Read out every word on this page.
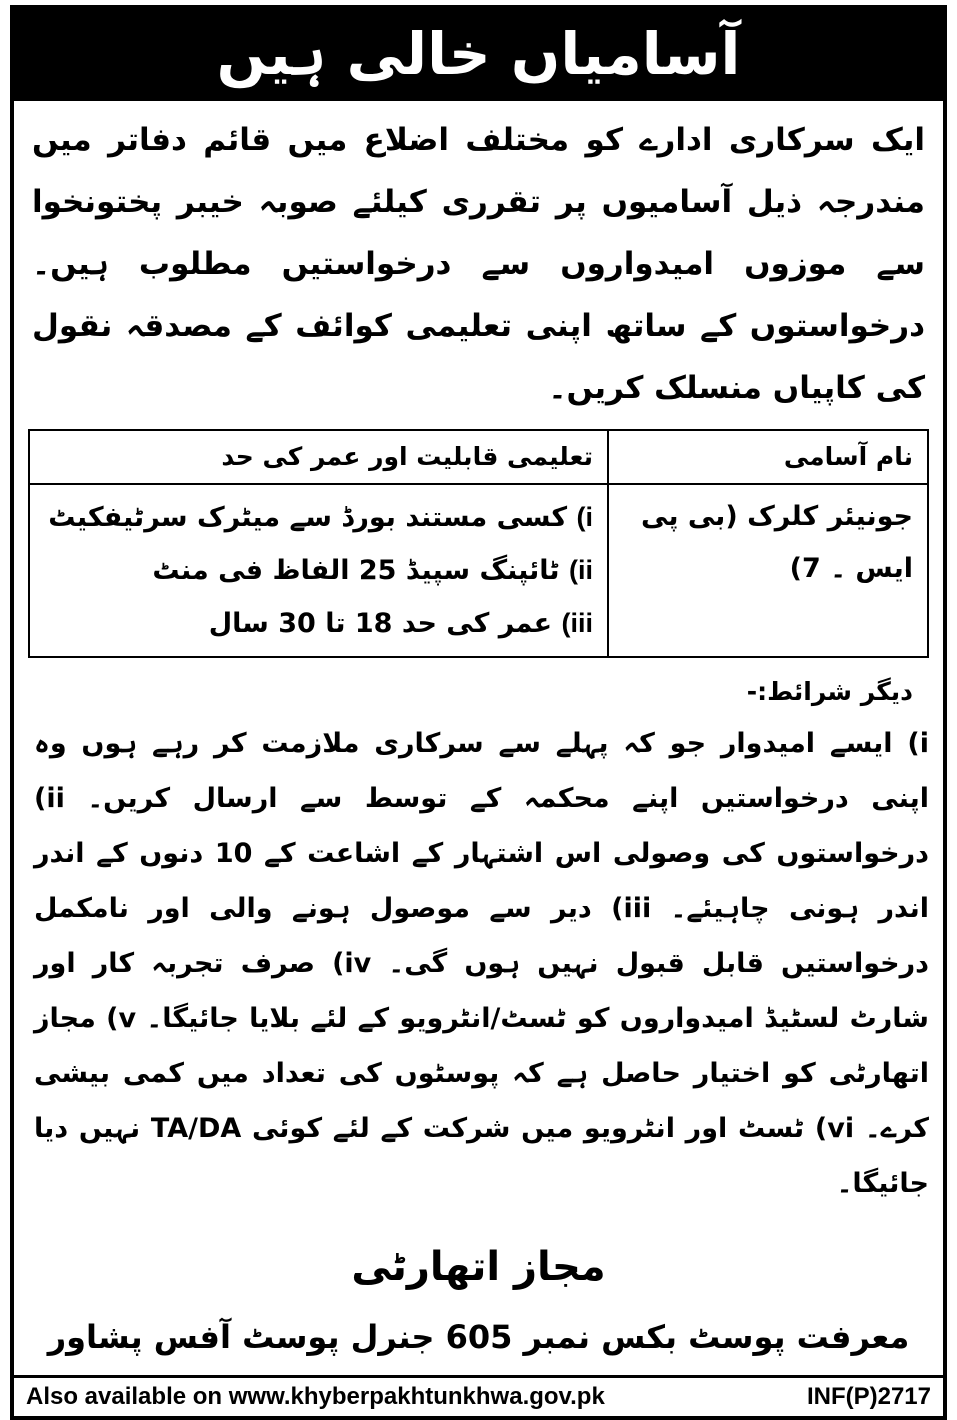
آسامیاں خالی ہیں
ایک سرکاری ادارے کو مختلف اضلاع میں قائم دفاتر میں مندرجہ ذیل آسامیوں پر تقرری کیلئے صوبہ خیبر پختونخوا سے موزوں امیدواروں سے درخواستیں مطلوب ہیں۔ درخواستوں کے ساتھ اپنی تعلیمی کوائف کے مصدقہ نقول کی کاپیاں منسلک کریں۔
نام آسامی	تعلیمی قابلیت اور عمر کی حد
جونیئر کلرک (بی پی ایس ۔ 7)	i) کسی مستند بورڈ سے میٹرک سرٹیفکیٹ
ii) ٹائپنگ سپیڈ 25 الفاظ فی منٹ
iii) عمر کی حد 18 تا 30 سال
دیگر شرائط:-
i) ایسے امیدوار جو کہ پہلے سے سرکاری ملازمت کر رہے ہوں وہ اپنی درخواستیں اپنے محکمہ کے توسط سے ارسال کریں۔ ii) درخواستوں کی وصولی اس اشتہار کے اشاعت کے 10 دنوں کے اندر اندر ہونی چاہیئے۔ iii) دیر سے موصول ہونے والی اور نامکمل درخواستیں قابل قبول نہیں ہوں گی۔ iv) صرف تجربہ کار اور شارٹ لسٹیڈ امیدواروں کو ٹسٹ/انٹرویو کے لئے بلایا جائیگا۔ v) مجاز اتھارٹی کو اختیار حاصل ہے کہ پوسٹوں کی تعداد میں کمی بیشی کرے۔ vi) ٹسٹ اور انٹرویو میں شرکت کے لئے کوئی TA/DA نہیں دیا جائیگا۔
مجاز اتھارٹی
معرفت پوسٹ بکس نمبر 605 جنرل پوسٹ آفس پشاور
Also available on www.khyberpakhtunkhwa.gov.pk	INF(P)2717
